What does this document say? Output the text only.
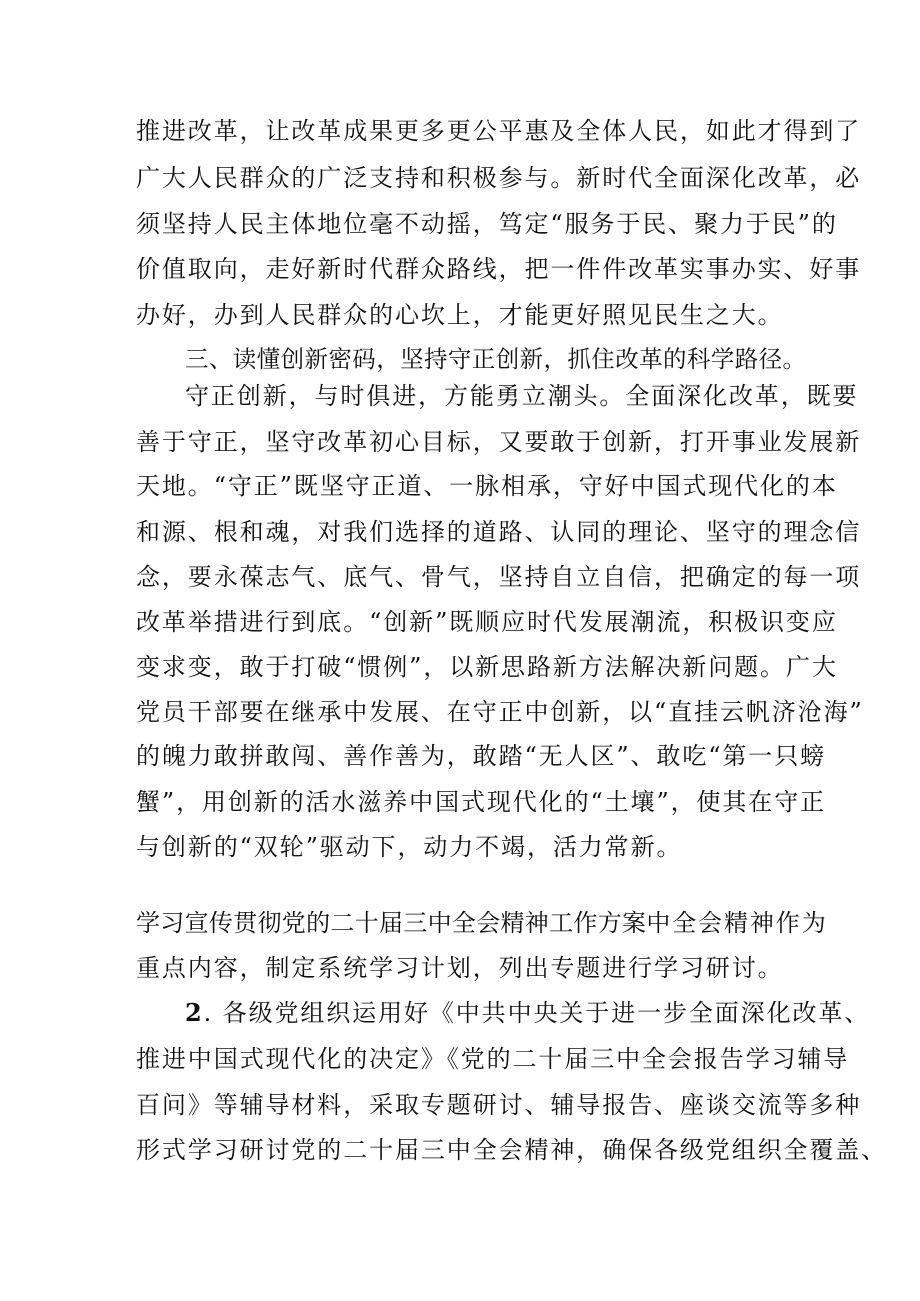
推进改革，让改革成果更多更公平惠及全体人民，如此才得到了
广大人民群众的广泛支持和积极参与。新时代全面深化改革，必
须坚持人民主体地位毫不动摇，笃定“服务于民、聚力于民”的
价值取向，走好新时代群众路线，把一件件改革实事办实、好事
办好，办到人民群众的心坎上，才能更好照见民生之大。
三、读懂创新密码，坚持守正创新，抓住改革的科学路径。
守正创新，与时俱进，方能勇立潮头。全面深化改革，既要
善于守正，坚守改革初心目标，又要敢于创新，打开事业发展新
天地。“守正”既坚守正道、一脉相承，守好中国式现代化的本
和源、根和魂，对我们选择的道路、认同的理论、坚守的理念信
念，要永葆志气、底气、骨气，坚持自立自信，把确定的每一项
改革举措进行到底。“创新”既顺应时代发展潮流，积极识变应
变求变，敢于打破“惯例”，以新思路新方法解决新问题。广大
党员干部要在继承中发展、在守正中创新，以“直挂云帆济沧海”
的魄力敢拼敢闯、善作善为，敢踏“无人区”、敢吃“第一只螃
蟹”，用创新的活水滋养中国式现代化的“土壤”，使其在守正
与创新的“双轮”驱动下，动力不竭，活力常新。
学习宣传贯彻党的二十届三中全会精神工作方案中全会精神作为
重点内容，制定系统学习计划，列出专题进行学习研讨。
2. 各级党组织运用好《中共中央关于进一步全面深化改革、
推进中国式现代化的决定》《党的二十届三中全会报告学习辅导
百问》等辅导材料，采取专题研讨、辅导报告、座谈交流等多种
形式学习研讨党的二十届三中全会精神，确保各级党组织全覆盖、
